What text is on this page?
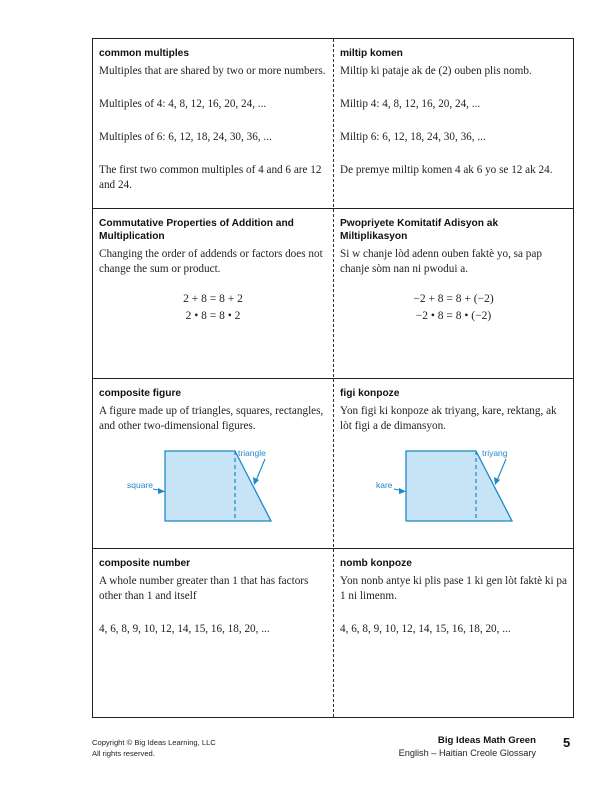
common multiples
Multiples that are shared by two or more numbers.
Multiples of 4: 4, 8, 12, 16, 20, 24, ...
Multiples of 6: 6, 12, 18, 24, 30, 36, ...
The first two common multiples of 4 and 6 are 12 and 24.
miltip komen
Miltip ki pataje ak de (2) ouben plis nomb.
Miltip 4: 4, 8, 12, 16, 20, 24, ...
Miltip 6: 6, 12, 18, 24, 30, 36, ...
De premye miltip komen 4 ak 6 yo se 12 ak 24.
Commutative Properties of Addition and Multiplication
Changing the order of addends or factors does not change the sum or product.
2 + 8 = 8 + 2
2 • 8 = 8 • 2
Pwopriyete Komitatif Adisyon ak Miltiplikasyon
Si w chanje lòd adenn ouben faktè yo, sa pap chanje sòm nan ni pwodui a.
−2 + 8 = 8 + (−2)
−2 • 8 = 8 • (−2)
composite figure
A figure made up of triangles, squares, rectangles, and other two-dimensional figures.
triangle
square
figi konpoze
Yon figi ki konpoze ak triyang, kare, rektang, ak lòt figi a de dimansyon.
triyang
kare
composite number
A whole number greater than 1 that has factors other than 1 and itself
4, 6, 8, 9, 10, 12, 14, 15, 16, 18, 20, ...
nomb konpoze
Yon nonb antye ki plis pase 1 ki gen lòt faktè ki pa 1 ni limenm.
4, 6, 8, 9, 10, 12, 14, 15, 16, 18, 20, ...
Copyright © Big Ideas Learning, LLC
All rights reserved.
Big Ideas Math Green
English – Haitian Creole Glossary
5
